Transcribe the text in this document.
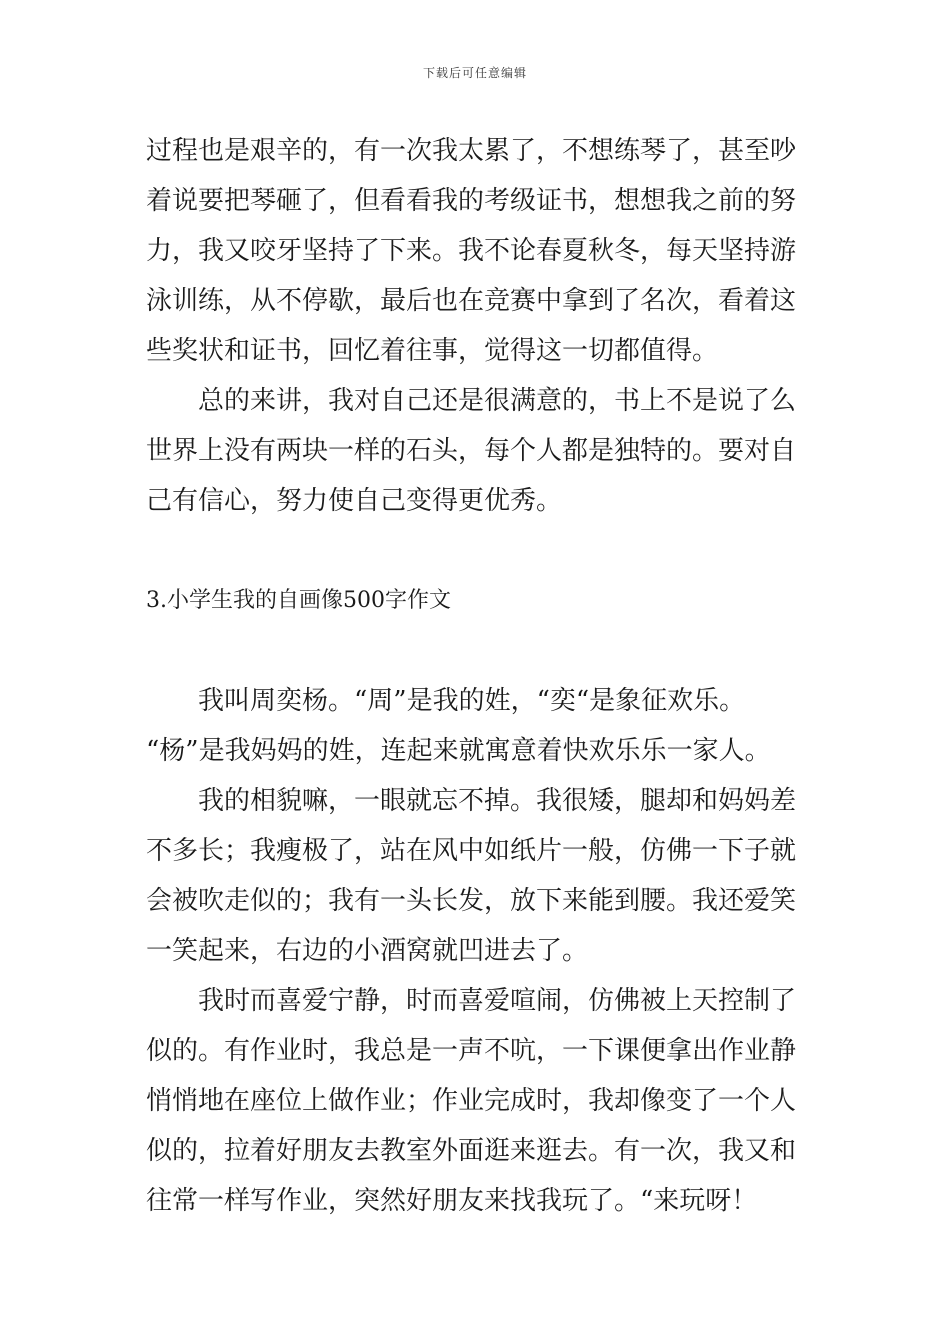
下载后可任意编辑
过程也是艰辛的，有一次我太累了，不想练琴了，甚至吵
着说要把琴砸了，但看看我的考级证书，想想我之前的努
力，我又咬牙坚持了下来。我不论春夏秋冬，每天坚持游
泳训练，从不停歇，最后也在竞赛中拿到了名次，看着这
些奖状和证书，回忆着往事，觉得这一切都值得。
　　总的来讲，我对自己还是很满意的，书上不是说了么
世界上没有两块一样的石头，每个人都是独特的。要对自
己有信心，努力使自己变得更优秀。
3.小学生我的自画像500字作文
　　我叫周奕杨。“周”是我的姓，“奕“是象征欢乐。
“杨”是我妈妈的姓，连起来就寓意着快欢乐乐一家人。
　　我的相貌嘛，一眼就忘不掉。我很矮，腿却和妈妈差
不多长；我瘦极了，站在风中如纸片一般，仿佛一下子就
会被吹走似的；我有一头长发，放下来能到腰。我还爱笑
一笑起来，右边的小酒窝就凹进去了。
　　我时而喜爱宁静，时而喜爱喧闹，仿佛被上天控制了
似的。有作业时，我总是一声不吭，一下课便拿出作业静
悄悄地在座位上做作业；作业完成时，我却像变了一个人
似的，拉着好朋友去教室外面逛来逛去。有一次，我又和
往常一样写作业，突然好朋友来找我玩了。“来玩呀！
